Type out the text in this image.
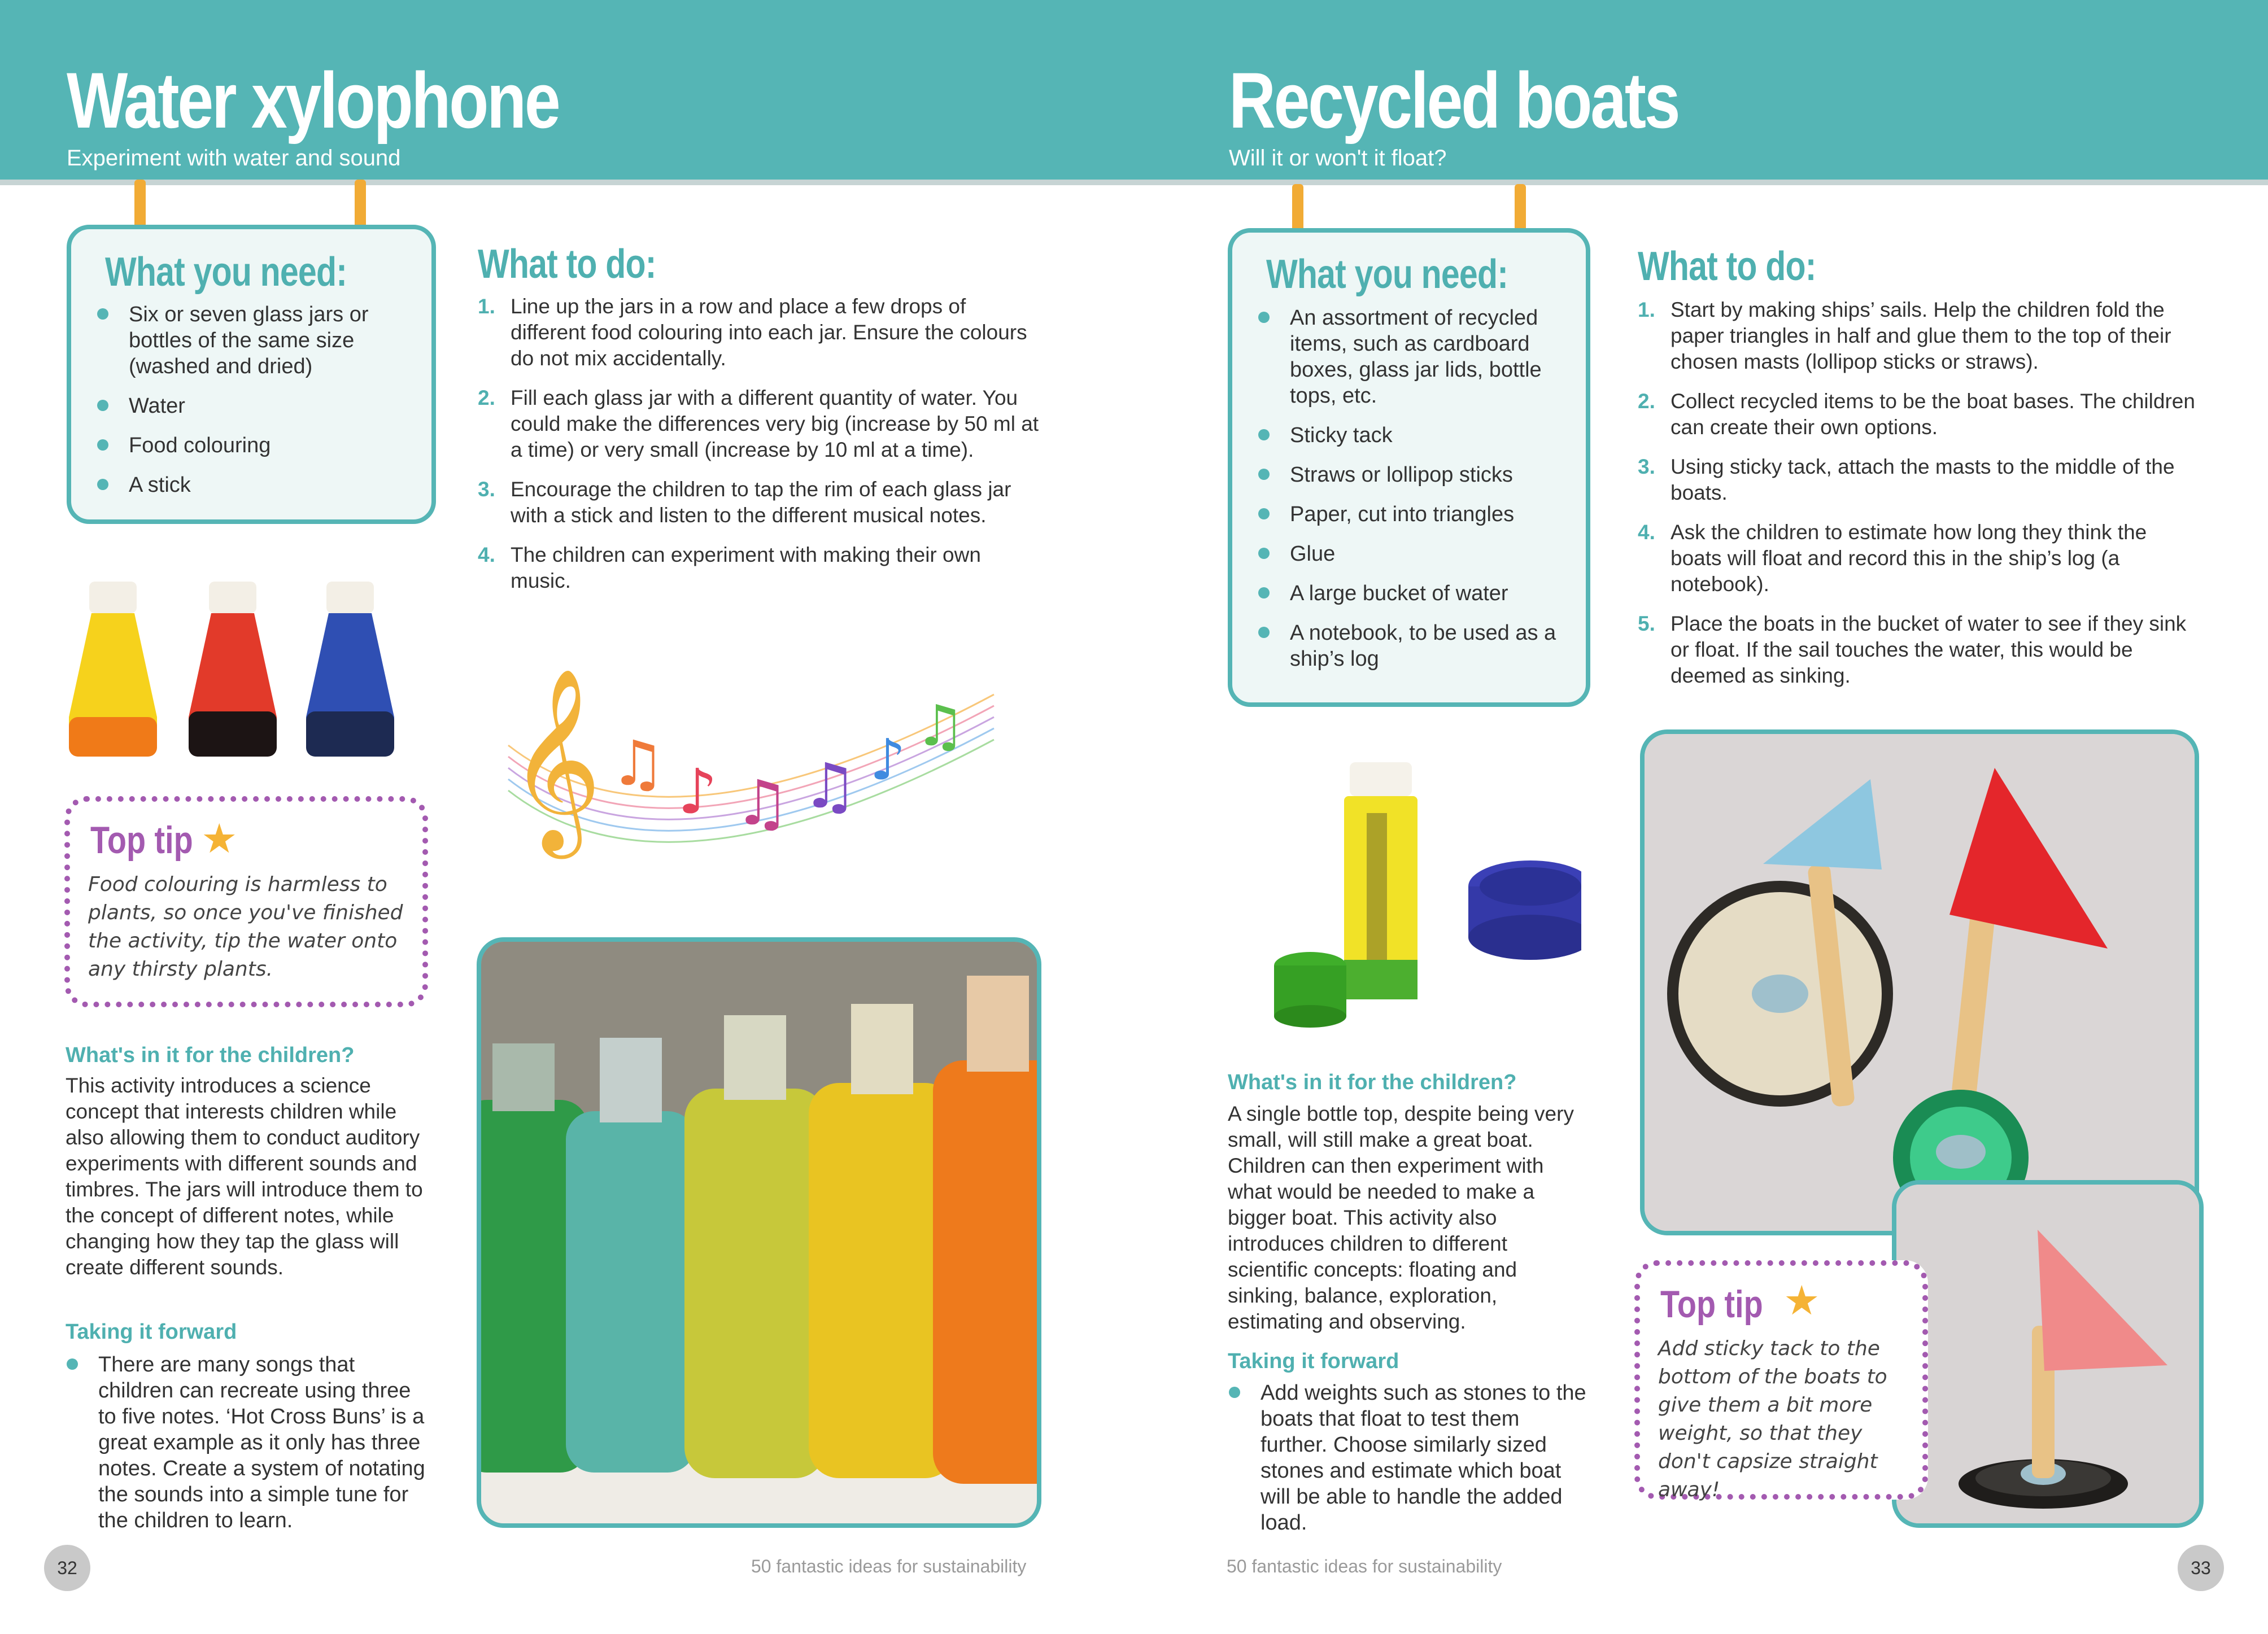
Water xylophone
Experiment with water and sound
What you need:
Six or seven glass jars or bottles of the same size (washed and dried)
Water
Food colouring
A stick
What to do:
1. Line up the jars in a row and place a few drops of different food colouring into each jar. Ensure the colours do not mix accidentally.
2. Fill each glass jar with a different quantity of water. You could make the differences very big (increase by 50 ml at a time) or very small (increase by 10 ml at a time).
3. Encourage the children to tap the rim of each glass jar with a stick and listen to the different musical notes.
4. The children can experiment with making their own music.
𝄞 ♫ ♪ ♫ ♫ ♪
♫
Top tip ★
Food colouring is harmless to plants, so once you've finished the activity, tip the water onto any thirsty plants.
What's in it for the children?
This activity introduces a science concept that interests children while also allowing them to conduct auditory experiments with different sounds and timbres. The jars will introduce them to the concept of different notes, while changing how they tap the glass will create different sounds.
Taking it forward
There are many songs that children can recreate using three to five notes. ‘Hot Cross Buns’ is a great example as it only has three notes. Create a system of notating the sounds into a simple tune for the children to learn.
32	50 fantastic ideas for sustainability
Recycled boats
Will it or won't it float?
What you need:
An assortment of recycled items, such as cardboard boxes, glass jar lids, bottle tops, etc.
Sticky tack
Straws or lollipop sticks
Paper, cut into triangles
Glue
A large bucket of water
A notebook, to be used as a ship’s log
What to do:
1. Start by making ships’ sails. Help the children fold the paper triangles in half and glue them to the top of their chosen masts (lollipop sticks or straws).
2. Collect recycled items to be the boat bases. The children can create their own options.
3. Using sticky tack, attach the masts to the middle of the boats.
4. Ask the children to estimate how long they think the boats will float and record this in the ship’s log (a notebook).
5. Place the boats in the bucket of water to see if they sink or float. If the sail touches the water, this would be deemed as sinking.
What's in it for the children?
A single bottle top, despite being very small, will still make a great boat. Children can then experiment with what would be needed to make a bigger boat. This activity also introduces children to different scientific concepts: floating and sinking, balance, exploration, estimating and observing.
Taking it forward
Add weights such as stones to the boats that float to test them further. Choose similarly sized stones and estimate which boat will be able to handle the added load.
Top tip ★
Add sticky tack to the bottom of the boats to give them a bit more weight, so that they don't capsize straight away!
50 fantastic ideas for sustainability	33
